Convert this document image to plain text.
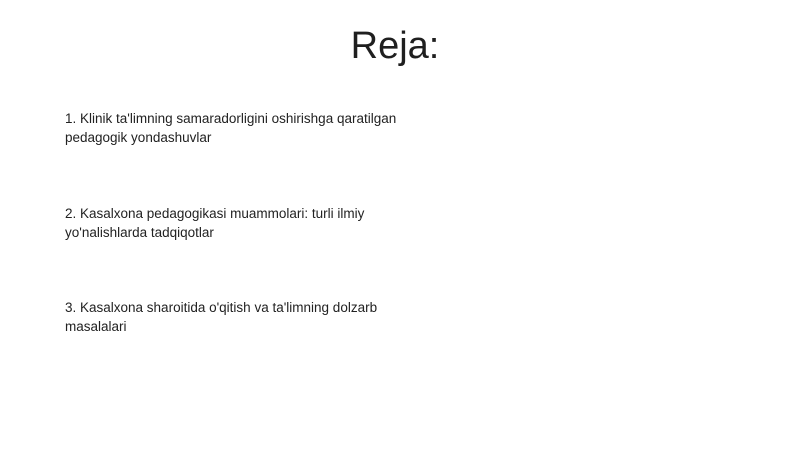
Reja:
1. Klinik ta'limning samaradorligini oshirishga qaratilgan pedagogik yondashuvlar
2. Kasalxona pedagogikasi muammolari: turli ilmiy yo'nalishlarda tadqiqotlar
3. Kasalxona sharoitida o'qitish va ta'limning dolzarb masalalari
